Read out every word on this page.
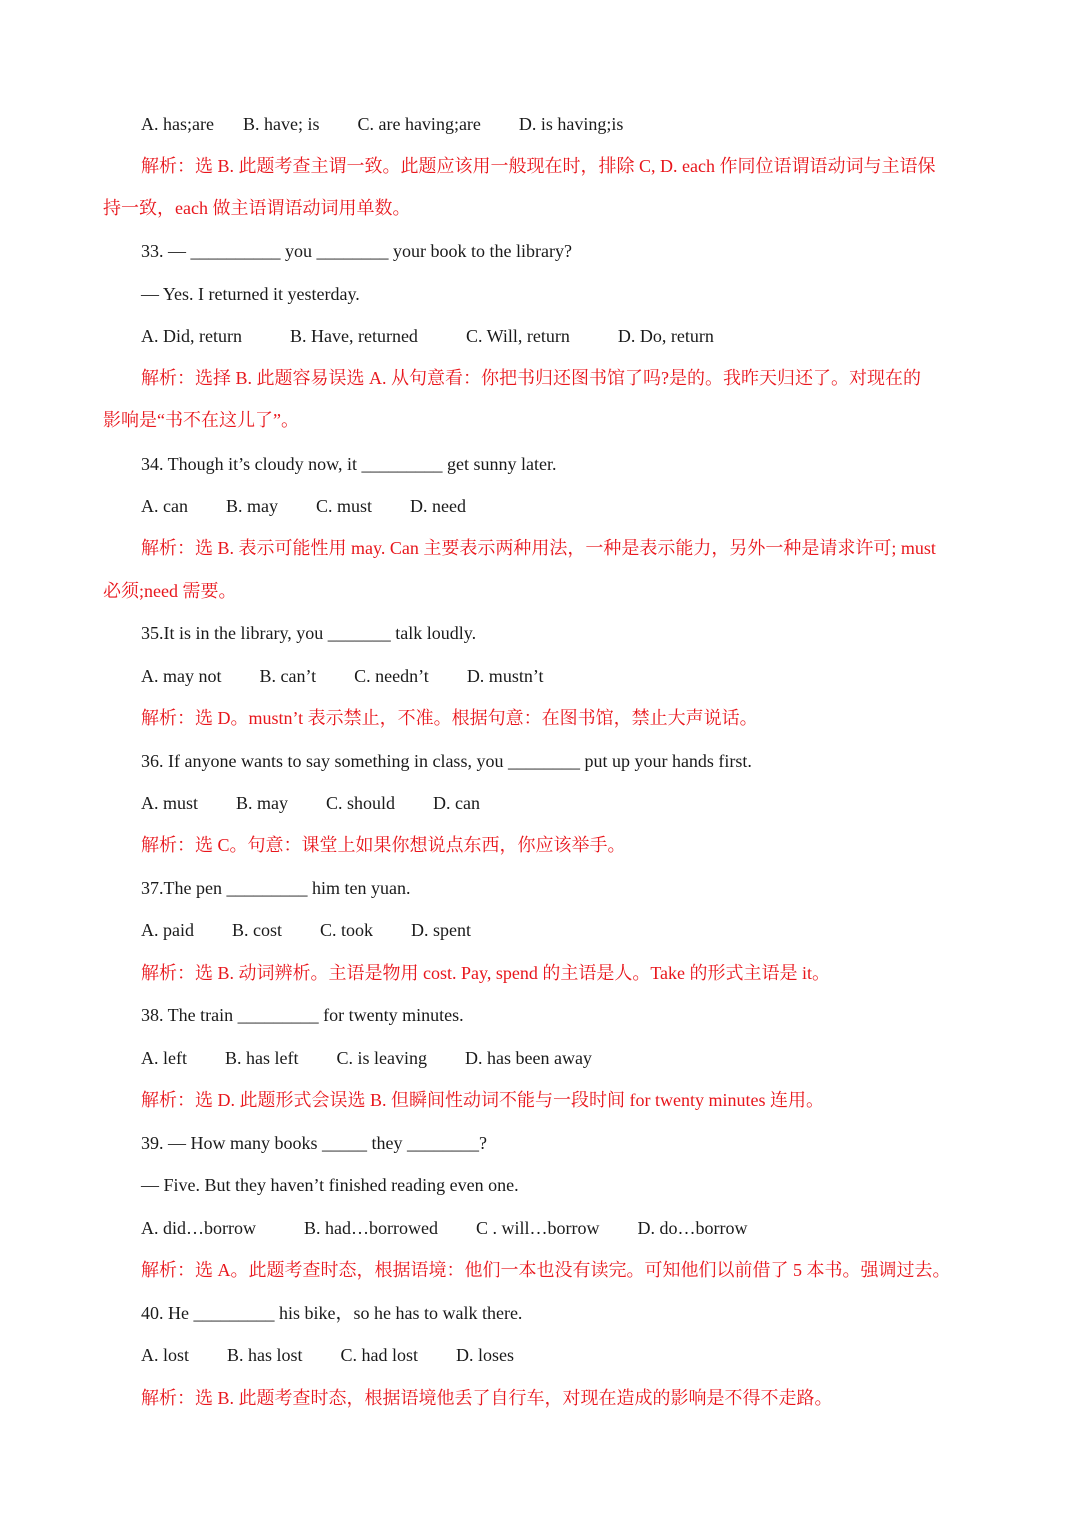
A. has;are B. have; is C. are having;are D. is having;is
解析：选 B. 此题考查主谓一致。此题应该用一般现在时，排除 C, D. each 作同位语谓语动词与主语保
持一致，each 做主语谓语动词用单数。
33. — __________ you ________ your book to the library?
— Yes. I returned it yesterday.
A. Did, return	B. Have, returned	C. Will, return	D. Do, return
解析：选择 B. 此题容易误选 A. 从句意看：你把书归还图书馆了吗?是的。我昨天归还了。对现在的
影响是“书不在这儿了”。
34. Though it’s cloudy now, it _________ get sunny later.
A. can B. may C. must D. need
解析：选 B. 表示可能性用 may. Can 主要表示两种用法，一种是表示能力，另外一种是请求许可; must
必须;need 需要。
35.It is in the library, you _______ talk loudly.
A. may not B. can’t C. needn’t D. mustn’t
解析：选 D。mustn’t 表示禁止，不准。根据句意：在图书馆，禁止大声说话。
36. If anyone wants to say something in class, you ________ put up your hands first.
A. must B. may C. should D. can
解析：选 C。句意：课堂上如果你想说点东西，你应该举手。
37.The pen _________ him ten yuan.
A. paid B. cost C. took D. spent
解析：选 B. 动词辨析。主语是物用 cost. Pay, spend 的主语是人。Take 的形式主语是 it。
38. The train _________ for twenty minutes.
A. left B. has left C. is leaving D. has been away
解析：选 D. 此题形式会误选 B. 但瞬间性动词不能与一段时间 for twenty minutes 连用。
39. — How many books _____ they ________?
— Five. But they haven’t finished reading even one.
A. did…borrow	B. had…borrowed C . will…borrow D. do…borrow
解析：选 A。此题考查时态，根据语境：他们一本也没有读完。可知他们以前借了 5 本书。强调过去。
40. He _________ his bike，so he has to walk there.
A. lost B. has lost C. had lost D. loses
解析：选 B. 此题考查时态，根据语境他丢了自行车，对现在造成的影响是不得不走路。
